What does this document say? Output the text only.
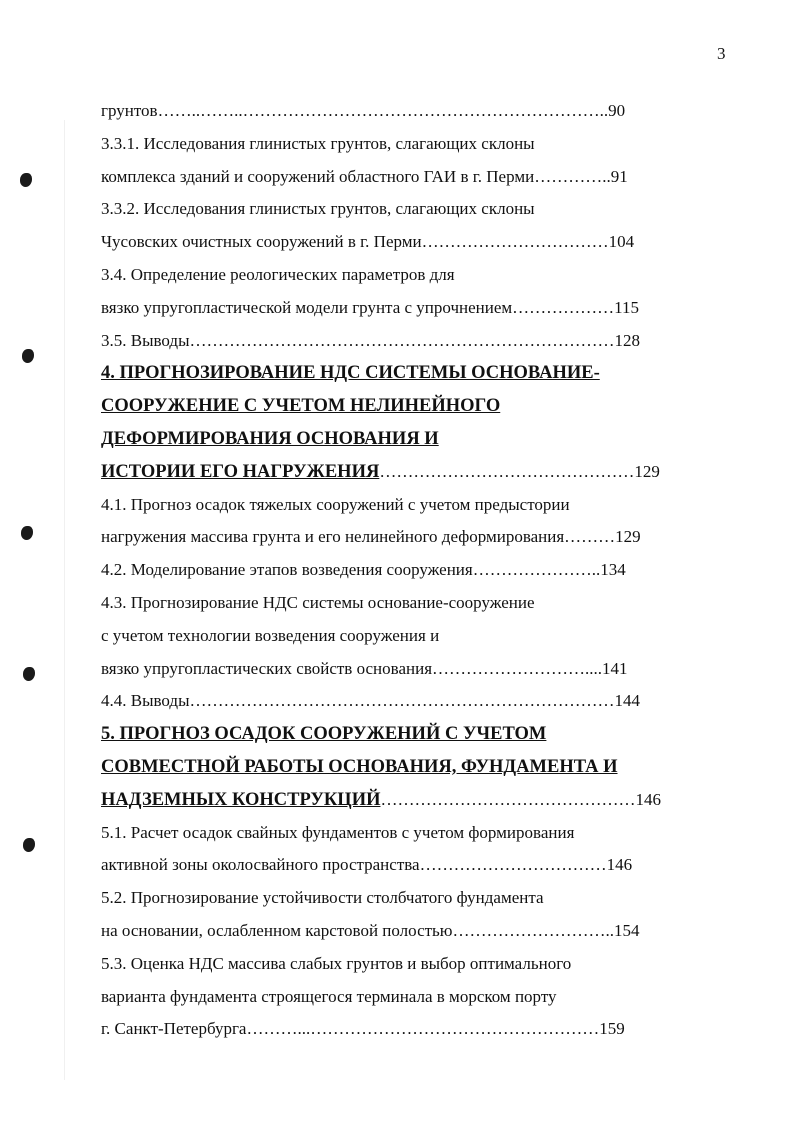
3
грунтов……..……..………………………………………………………..90
3.3.1. Исследования глинистых грунтов, слагающих склоны
комплекса зданий и сооружений областного ГАИ в г. Перми…………..91
3.3.2. Исследования глинистых грунтов, слагающих склоны
Чусовских очистных сооружений в г. Перми……………………………104
3.4. Определение реологических параметров для
вязко упругопластической модели грунта с упрочнением………………115
3.5. Выводы…………………………………………………………………128
4. ПРОГНОЗИРОВАНИЕ НДС СИСТЕМЫ ОСНОВАНИЕ-
СООРУЖЕНИЕ С УЧЕТОМ НЕЛИНЕЙНОГО
ДЕФОРМИРОВАНИЯ ОСНОВАНИЯ И
ИСТОРИИ ЕГО НАГРУЖЕНИЯ………………………………………129
4.1. Прогноз осадок тяжелых сооружений с учетом предыстории
нагружения массива грунта и его нелинейного деформирования………129
4.2. Моделирование этапов возведения сооружения…………………..134
4.3. Прогнозирование НДС системы основание-сооружение
с учетом технологии возведения сооружения и
вязко упругопластических свойств основания………………………....141
4.4. Выводы…………………………………………………………………144
5. ПРОГНОЗ ОСАДОК СООРУЖЕНИЙ С УЧЕТОМ
СОВМЕСТНОЙ РАБОТЫ ОСНОВАНИЯ, ФУНДАМЕНТА И
НАДЗЕМНЫХ КОНСТРУКЦИЙ………………………………………146
5.1. Расчет осадок свайных фундаментов с учетом формирования
активной зоны околосвайного пространства……………………………146
5.2. Прогнозирование устойчивости столбчатого фундамента
на основании, ослабленном карстовой полостью………………………..154
5.3. Оценка НДС массива слабых грунтов и выбор оптимального
варианта фундамента строящегося терминала в морском порту
г. Санкт-Петербурга………...……………………………………………159
